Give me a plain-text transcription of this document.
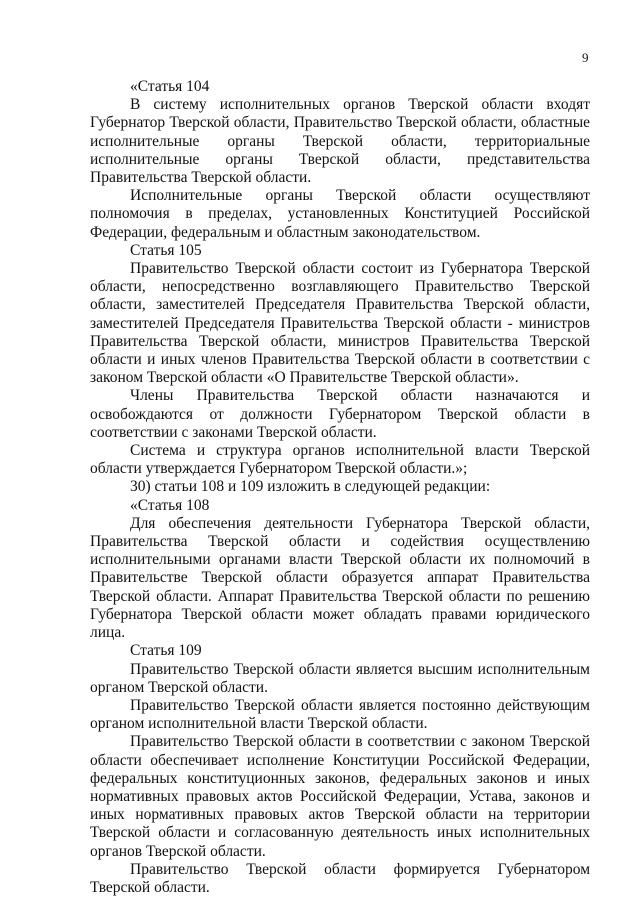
9

«Статья 104

В систему исполнительных органов Тверской области входят Губернатор Тверской области, Правительство Тверской области, областные исполнительные органы Тверской области, территориальные исполнительные органы Тверской области, представительства Правительства Тверской области.

Исполнительные органы Тверской области осуществляют полномочия в пределах, установленных Конституцией Российской Федерации, федеральным и областным законодательством.

Статья 105

Правительство Тверской области состоит из Губернатора Тверской области, непосредственно возглавляющего Правительство Тверской области, заместителей Председателя Правительства Тверской области, заместителей Председателя Правительства Тверской области - министров Правительства Тверской области, министров Правительства Тверской области и иных членов Правительства Тверской области в соответствии с законом Тверской области «О Правительстве Тверской области».

Члены Правительства Тверской области назначаются и освобождаются от должности Губернатором Тверской области в соответствии с законами Тверской области.

Система и структура органов исполнительной власти Тверской области утверждается Губернатором Тверской области.»;

30) статьи 108 и 109 изложить в следующей редакции:

«Статья 108

Для обеспечения деятельности Губернатора Тверской области, Правительства Тверской области и содействия осуществлению исполнительными органами власти Тверской области их полномочий в Правительстве Тверской области образуется аппарат Правительства Тверской области. Аппарат Правительства Тверской области по решению Губернатора Тверской области может обладать правами юридического лица.

Статья 109

Правительство Тверской области является высшим исполнительным органом Тверской области.

Правительство Тверской области является постоянно действующим органом исполнительной власти Тверской области.

Правительство Тверской области в соответствии с законом Тверской области обеспечивает исполнение Конституции Российской Федерации, федеральных конституционных законов, федеральных законов и иных нормативных правовых актов Российской Федерации, Устава, законов и иных нормативных правовых актов Тверской области на территории Тверской области и согласованную деятельность иных исполнительных органов Тверской области.

Правительство Тверской области формируется Губернатором Тверской области.
